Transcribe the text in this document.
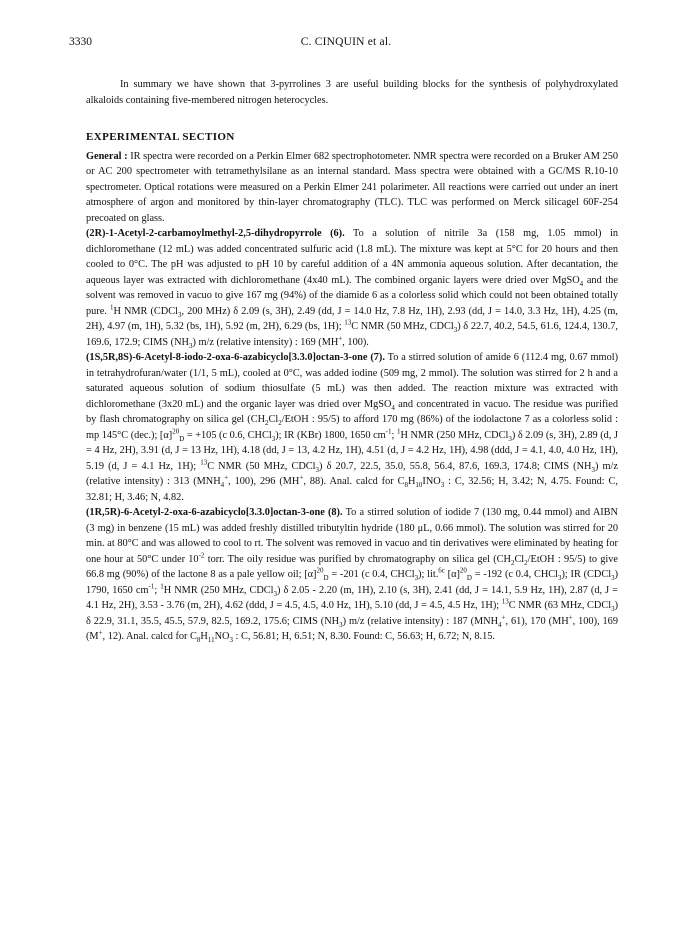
3330	C. CINQUIN et al.

In summary we have shown that 3-pyrrolines 3 are useful building blocks for the synthesis of polyhydroxylated alkaloids containing five-membered nitrogen heterocycles.

EXPERIMENTAL SECTION

General : IR spectra were recorded on a Perkin Elmer 682 spectrophotometer. NMR spectra were recorded on a Bruker AM 250 or AC 200 spectrometer with tetramethylsilane as an internal standard. Mass spectra were obtained with a GC/MS R.10-10 spectrometer. Optical rotations were measured on a Perkin Elmer 241 polarimeter. All reactions were carried out under an inert atmosphere of argon and monitored by thin-layer chromatography (TLC). TLC was performed on Merck silicagel 60F-254 precoated on glass.

(2R)-1-Acetyl-2-carbamoylmethyl-2,5-dihydropyrrole (6). To a solution of nitrile 3a (158 mg, 1.05 mmol) in dichloromethane (12 mL) was added concentrated sulfuric acid (1.8 mL). The mixture was kept at 5°C for 20 hours and then cooled to 0°C. The pH was adjusted to pH 10 by careful addition of a 4N ammonia aqueous solution. After decantation, the aqueous layer was extracted with dichloromethane (4x40 mL). The combined organic layers were dried over MgSO$_4$ and the solvent was removed in vacuo to give 167 mg (94%) of the diamide 6 as a colorless solid which could not been obtained totally pure. $^1$H NMR (CDCl$_3$, 200 MHz) δ 2.09 (s, 3H), 2.49 (dd, J = 14.0 Hz, 7.8 Hz, 1H), 2.93 (dd, J = 14.0, 3.3 Hz, 1H), 4.25 (m, 2H), 4.97 (m, 1H), 5.32 (bs, 1H), 5.92 (m, 2H), 6.29 (bs, 1H); $^{13}$C NMR (50 MHz, CDCl$_3$) δ 22.7, 40.2, 54.5, 61.6, 124.4, 130.7, 169.6, 172.9; CIMS $(NH_3)$ m/z (relative intensity) : 169 (MH+, 100).

(1S,5R,8S)-6-Acetyl-8-iodo-2-oxa-6-azabicyclo[3.3.0]octan-3-one (7). To a stirred solution of amide 6 (112.4 mg, 0.67 mmol) in tetrahydrofuran/water (1/1, 5 mL), cooled at 0°C, was added iodine (509 mg, 2 mmol). The solution was stirred for 2 h and a saturated aqueous solution of sodium thiosulfate (5 mL) was then added. The reaction mixture was extracted with dichloromethane (3x20 mL) and the organic layer was dried over MgSO$_4$ and concentrated in vacuo. The residue was purified by flash chromatography on silica gel ($CH_2Cl_2$/EtOH : 95/5) to afford 170 mg (86%) of the iodolactone 7 as a colorless solid : mp 145°C (dec.); $[\alpha]^{20}_D = +105$ (c 0.6, CHCl$_3$); IR (KBr) 1800, 1650 $cm^{-1}$; $^1$H NMR (250 MHz, CDCl$_3$) δ 2.09 (s, 3H), 2.89 (d, J = 4 Hz, 2H), 3.91 (d, J = 13 Hz, 1H), 4.18 (dd, J = 13, 4.2 Hz, 1H), 4.51 (d, J = 4.2 Hz, 1H), 4.98 (ddd, J = 4.1, 4.0, 4.0 Hz, 1H), 5.19 (d, J = 4.1 Hz, 1H); $^{13}$C NMR (50 MHz, CDCl$_3$) δ 20.7, 22.5, 35.0, 55.8, 56.4, 87.6, 169.3, 174.8; CIMS $(NH_3)$ m/z (relative intensity) : 313 ($MNH_4^+$, 100), 296 (MH+, 88). Anal. calcd for $C_8H_{10}INO_3$ : C, 32.56; H, 3.42; N, 4.75. Found: C, 32.81; H, 3.46; N, 4.82.

(1R,5R)-6-Acetyl-2-oxa-6-azabicyclo[3.3.0]octan-3-one (8). To a stirred solution of iodide 7 (130 mg, 0.44 mmol) and AIBN (3 mg) in benzene (15 mL) was added freshly distilled tributyltin hydride (180 μL, 0.66 mmol). The solution was stirred for 20 min. at 80°C and was allowed to cool to rt. The solvent was removed in vacuo and tin derivatives were eliminated by heating for one hour at 50°C under $10^{-2}$ torr. The oily residue was purified by chromatography on silica gel ($CH_2Cl_2$/EtOH : 95/5) to give 66.8 mg (90%) of the lactone 8 as a pale yellow oil; $[\alpha]^{20}_D = -201$ (c 0.4, CHCl$_3$); lit.$^{6c}$ $[\alpha]^{20}_D = -192$ (c 0.4, CHCl$_3$); IR (CDCl$_3$) 1790, 1650 $cm^{-1}$; $^1$H NMR (250 MHz, CDCl$_3$) δ 2.05 - 2.20 (m, 1H), 2.10 (s, 3H), 2.41 (dd, J = 14.1, 5.9 Hz, 1H), 2.87 (d, J = 4.1 Hz, 2H), 3.53 - 3.76 (m, 2H), 4.62 (ddd, J = 4.5, 4.5, 4.0 Hz, 1H), 5.10 (dd, J = 4.5, 4.5 Hz, 1H); $^{13}$C NMR (63 MHz, CDCl$_3$) δ 22.9, 31.1, 35.5, 45.5, 57.9, 82.5, 169.2, 175.6; CIMS $(NH_3)$ m/z (relative intensity) : 187 ($MNH_4^+$, 61), 170 (MH+, 100), 169 (M+, 12). Anal. calcd for $C_8H_{11}NO_3$ : C, 56.81; H, 6.51; N, 8.30. Found: C, 56.63; H, 6.72; N, 8.15.
